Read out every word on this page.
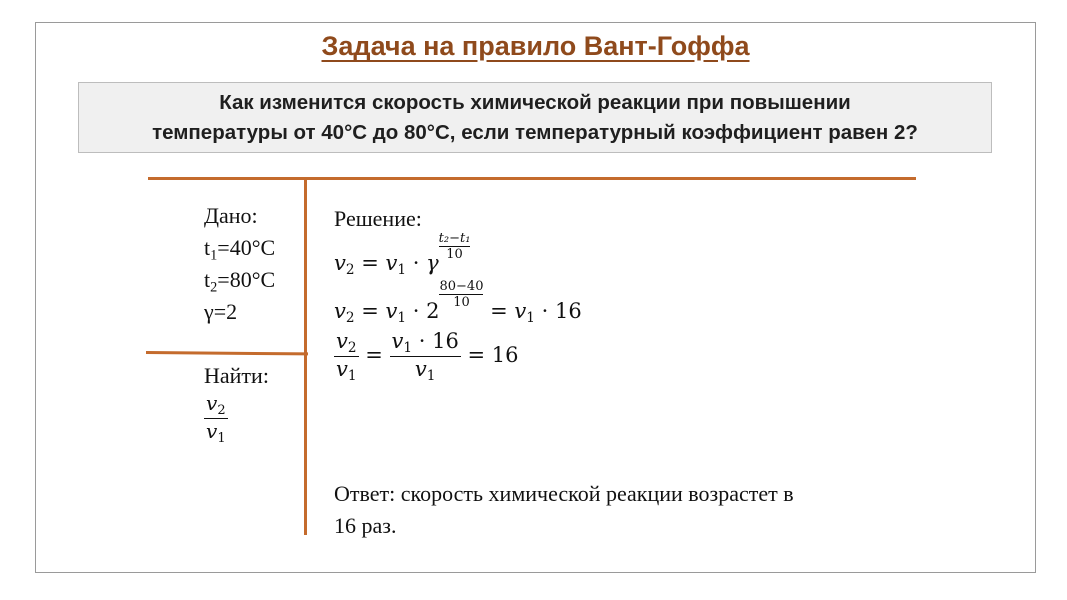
Задача на правило Вант-Гоффа
Как изменится скорость химической реакции при повышении
температуры от 40°C до 80°C, если температурный коэффициент равен 2?
Дано:
$t_1=40^\circ C$
$t_2=80^\circ C$
γ=2
Найти:
$\frac{v_2}{v_1}$
Решение:
$v_2 = v_1 \cdot \gamma$
$\frac{\text{t₂−t₁}}{10}$
$v_2 = v_1 \cdot 2$
$\frac{80-40}{10}$
= $v_1 \cdot 16$
$\frac{v_2}{v_1} = \frac{v_1 \cdot 16}{v_1} = 16$
Ответ: скорость химической реакции возрастет в
16 раз.
